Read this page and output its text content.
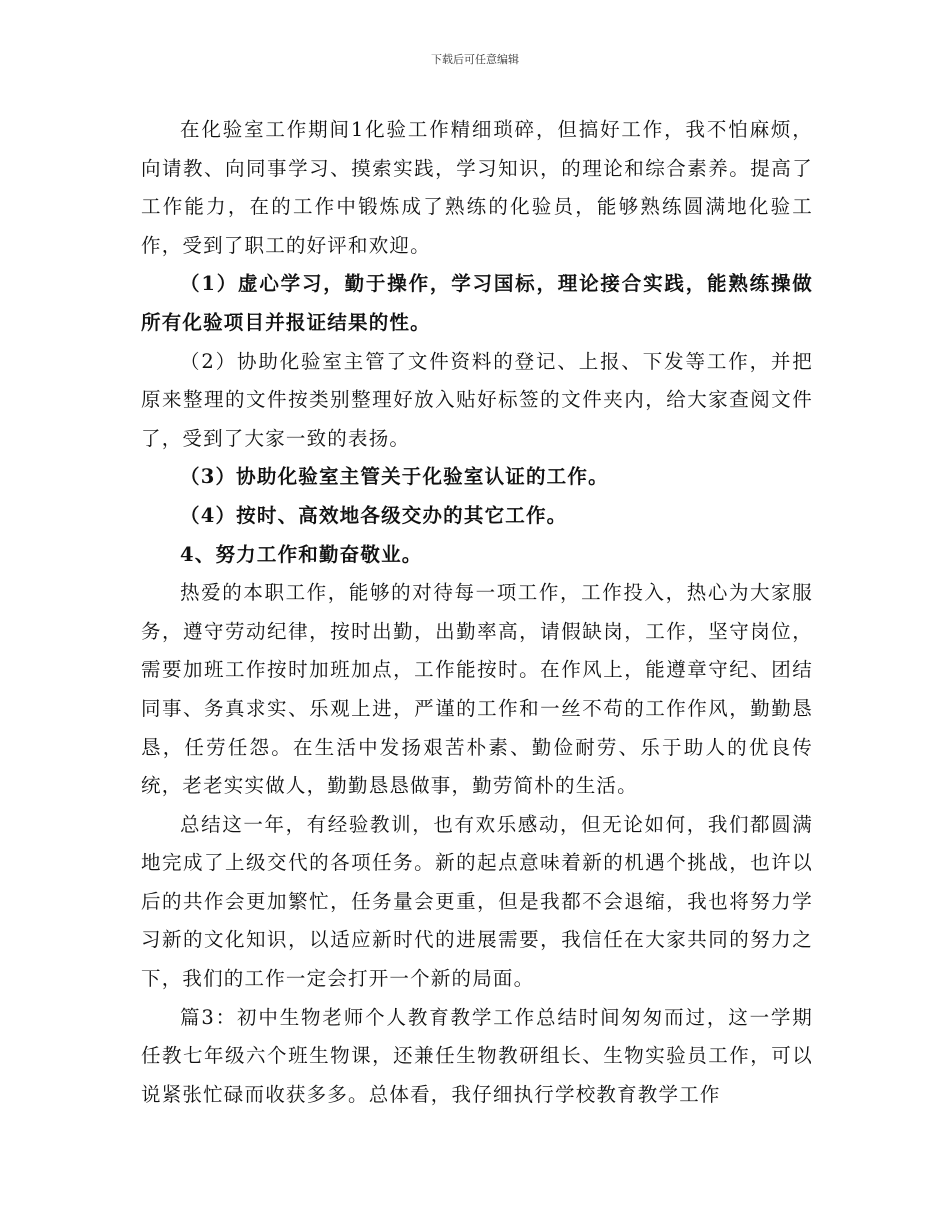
下载后可任意编辑

在化验室工作期间1化验工作精细琐碎，但搞好工作，我不怕麻烦，向请教、向同事学习、摸索实践，学习知识，的理论和综合素养。提高了工作能力，在的工作中锻炼成了熟练的化验员，能够熟练圆满地化验工作，受到了职工的好评和欢迎。

（1）虚心学习，勤于操作，学习国标，理论接合实践，能熟练操做所有化验项目并报证结果的性。

（2）协助化验室主管了文件资料的登记、上报、下发等工作，并把原来整理的文件按类别整理好放入贴好标签的文件夹内，给大家查阅文件了，受到了大家一致的表扬。

（3）协助化验室主管关于化验室认证的工作。

（4）按时、高效地各级交办的其它工作。

4、努力工作和勤奋敬业。

热爱的本职工作，能够的对待每一项工作，工作投入，热心为大家服务，遵守劳动纪律，按时出勤，出勤率高，请假缺岗，工作，坚守岗位，需要加班工作按时加班加点，工作能按时。在作风上，能遵章守纪、团结同事、务真求实、乐观上进，严谨的工作和一丝不苟的工作作风，勤勤恳恳，任劳任怨。在生活中发扬艰苦朴素、勤俭耐劳、乐于助人的优良传统，老老实实做人，勤勤恳恳做事，勤劳简朴的生活。

总结这一年，有经验教训，也有欢乐感动，但无论如何，我们都圆满地完成了上级交代的各项任务。新的起点意味着新的机遇个挑战，也许以后的共作会更加繁忙，任务量会更重，但是我都不会退缩，我也将努力学习新的文化知识，以适应新时代的进展需要，我信任在大家共同的努力之下，我们的工作一定会打开一个新的局面。

篇3：初中生物老师个人教育教学工作总结时间匆匆而过，这一学期任教七年级六个班生物课，还兼任生物教研组长、生物实验员工作，可以说紧张忙碌而收获多多。总体看，我仔细执行学校教育教学工作
